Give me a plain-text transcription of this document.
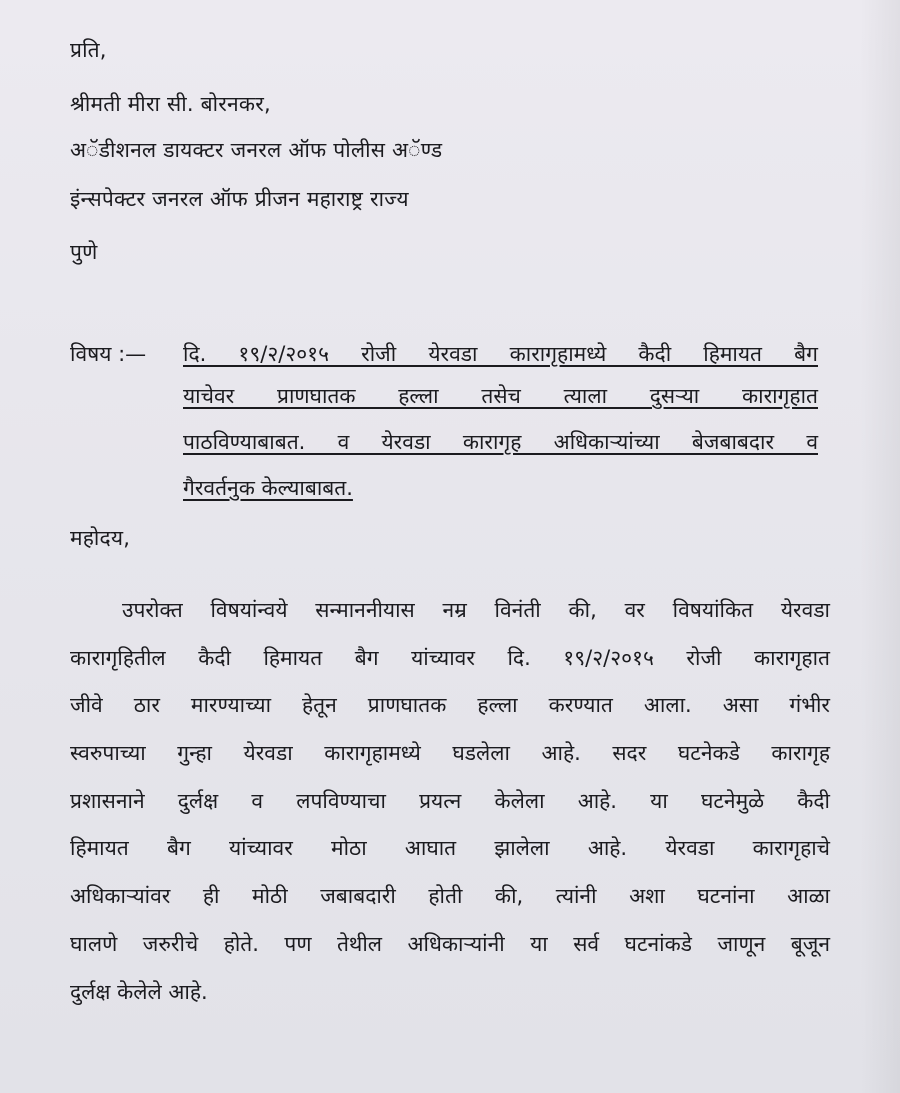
प्रति,
श्रीमती मीरा सी. बोरनकर,
अॅडीशनल डायक्टर जनरल ऑफ पोलीस अॅण्ड
इंन्सपेक्टर जनरल ऑफ प्रीजन महाराष्ट्र राज्य
पुणे
विषय :— दि. १९/२/२०१५ रोजी येरवडा कारागृहामध्ये कैदी हिमायत बैग
याचेवर प्राणघातक हल्ला तसेच त्याला दुसऱ्या कारागृहात
पाठविण्याबाबत. व येरवडा कारागृह अधिकाऱ्यांच्या बेजबाबदार व
गैरवर्तनुक केल्याबाबत.
महोदय,
उपरोक्त विषयांन्वये सन्माननीयास नम्र विनंती की, वर विषयांकित येरवडा
कारागृहितील कैदी हिमायत बैग यांच्यावर दि. १९/२/२०१५ रोजी कारागृहात
जीवे ठार मारण्याच्या हेतून प्राणघातक हल्ला करण्यात आला. असा गंभीर
स्वरुपाच्या गुन्हा येरवडा कारागृहामध्ये घडलेला आहे. सदर घटनेकडे कारागृह
प्रशासनाने दुर्लक्ष व लपविण्याचा प्रयत्न केलेला आहे. या घटनेमुळे कैदी
हिमायत बैग यांच्यावर मोठा आघात झालेला आहे. येरवडा कारागृहाचे
अधिकाऱ्यांवर ही मोठी जबाबदारी होती की, त्यांनी अशा घटनांना आळा
घालणे जरुरीचे होते. पण तेथील अधिकाऱ्यांनी या सर्व घटनांकडे जाणून बूजून
दुर्लक्ष केलेले आहे.
